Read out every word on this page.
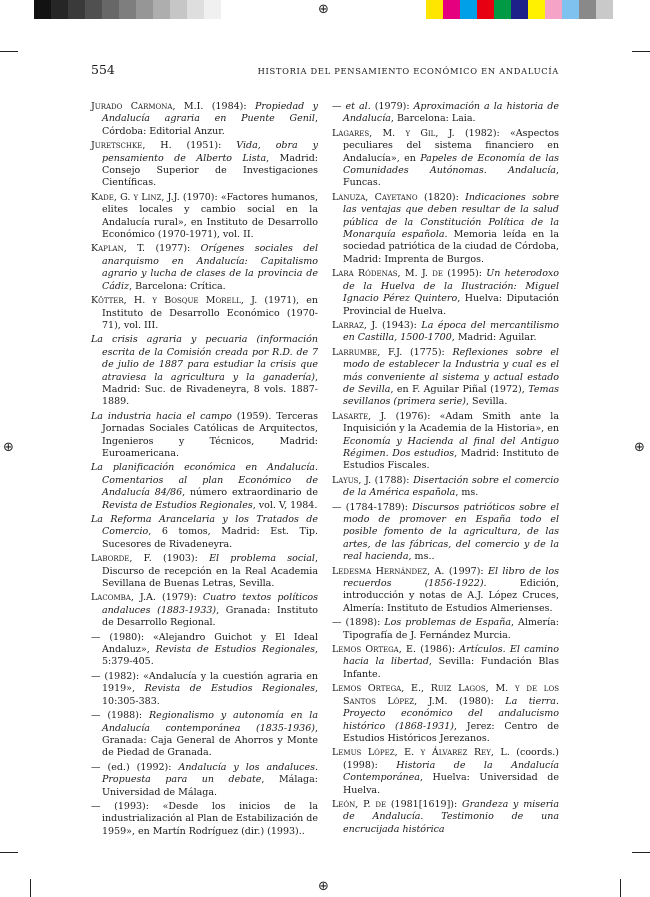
⊕
⊕	⊕
⊕
554	HISTORIA DEL PENSAMIENTO ECONÓMICO EN ANDALUCÍA

Jurado Carmona, M.I. (1984): Propiedad y Andalucía agraria en Puente Genil, Córdoba: Editorial Anzur.

Juretschke, H. (1951): Vida, obra y pensamiento de Alberto Lista, Madrid: Consejo Superior de Investigaciones Científicas.

Kade, G. y Linz, J.J. (1970): «Factores humanos, elites locales y cambio social en la Andalucía rural», en Instituto de Desarrollo Económico (1970-1971), vol. II.

Kaplan, T. (1977): Orígenes sociales del anarquismo en Andalucía: Capitalismo agrario y lucha de clases de la provincia de Cádiz, Barcelona: Crítica.

Kötter, H. y Bosque Morell, J. (1971), en Instituto de Desarrollo Económico (1970-71), vol. III.

La crisis agraria y pecuaria (información escrita de la Comisión creada por R.D. de 7 de julio de 1887 para estudiar la crisis que atraviesa la agricultura y la ganadería), Madrid: Suc. de Rivadeneyra, 8 vols. 1887-1889.

La industria hacia el campo (1959). Terceras Jornadas Sociales Católicas de Arquitectos, Ingenieros y Técnicos, Madrid: Euroamericana.

La planificación económica en Andalucía. Comentarios al plan Económico de Andalucía 84/86, número extraordinario de Revista de Estudios Regionales, vol. V, 1984.

La Reforma Arancelaria y los Tratados de Comercio, 6 tomos, Madrid: Est. Tip. Sucesores de Rivadeneyra.

Laborde, F. (1903): El problema social, Discurso de recepción en la Real Academia Sevillana de Buenas Letras, Sevilla.

Lacomba, J.A. (1979): Cuatro textos políticos andaluces (1883-1933), Granada: Instituto de Desarrollo Regional.

— (1980): «Alejandro Guichot y El Ideal Andaluz», Revista de Estudios Regionales, 5:379-405.

— (1982): «Andalucía y la cuestión agraria en 1919», Revista de Estudios Regionales, 10:305-383.

— (1988): Regionalismo y autonomía en la Andalucía contemporánea (1835-1936), Granada: Caja General de Ahorros y Monte de Piedad de Granada.

— (ed.) (1992): Andalucía y los andaluces. Propuesta para un debate, Málaga: Universidad de Málaga.

— (1993): «Desde los inicios de la industrialización al Plan de Estabilización de 1959», en Martín Rodríguez (dir.) (1993)..

— et al. (1979): Aproximación a la historia de Andalucía, Barcelona: Laia.

Lagares, M. y Gil, J. (1982): «Aspectos peculiares del sistema financiero en Andalucía», en Papeles de Economía de las Comunidades Autónomas. Andalucía, Funcas.

Lanuza, Cayetano (1820): Indicaciones sobre las ventajas que deben resultar de la salud pública de la Constitución Política de la Monarquía española. Memoria leída en la sociedad patriótica de la ciudad de Córdoba, Madrid: Imprenta de Burgos.

Lara Ródenas, M. J. de (1995): Un heterodoxo de la Huelva de la Ilustración: Miguel Ignacio Pérez Quintero, Huelva: Diputación Provincial de Huelva.

Larraz, J. (1943): La época del mercantilismo en Castilla, 1500-1700, Madrid: Aguilar.

Larrumbe, F.J. (1775): Reflexiones sobre el modo de establecer la Industria y cual es el más conveniente al sistema y actual estado de Sevilla, en F. Aguilar Piñal (1972), Temas sevillanos (primera serie), Sevilla.

Lasarte, J. (1976): «Adam Smith ante la Inquisición y la Academia de la Historia», en Economía y Hacienda al final del Antiguo Régimen. Dos estudios, Madrid: Instituto de Estudios Fiscales.

Layus, J. (1788): Disertación sobre el comercio de la América española, ms.

— (1784-1789): Discursos patrióticos sobre el modo de promover en España todo el posible fomento de la agricultura, de las artes, de las fábricas, del comercio y de la real hacienda, ms..

Ledesma Hernández, A. (1997): El libro de los recuerdos (1856-1922). Edición, introducción y notas de A.J. López Cruces, Almería: Instituto de Estudios Almerienses.

— (1898): Los problemas de España, Almería: Tipografía de J. Fernández Murcia.

Lemos Ortega, E. (1986): Artículos. El camino hacia la libertad, Sevilla: Fundación Blas Infante.

Lemos Ortega, E., Ruiz Lagos, M. y de los Santos López, J.M. (1980): La tierra. Proyecto económico del andalucismo histórico (1868-1931), Jerez: Centro de Estudios Históricos Jerezanos.

Lemus López, E. y Álvarez Rey, L. (coords.) (1998): Historia de la Andalucía Contemporánea, Huelva: Universidad de Huelva.

León, P. de (1981[1619]): Grandeza y miseria de Andalucía. Testimonio de una encrucijada histórica
